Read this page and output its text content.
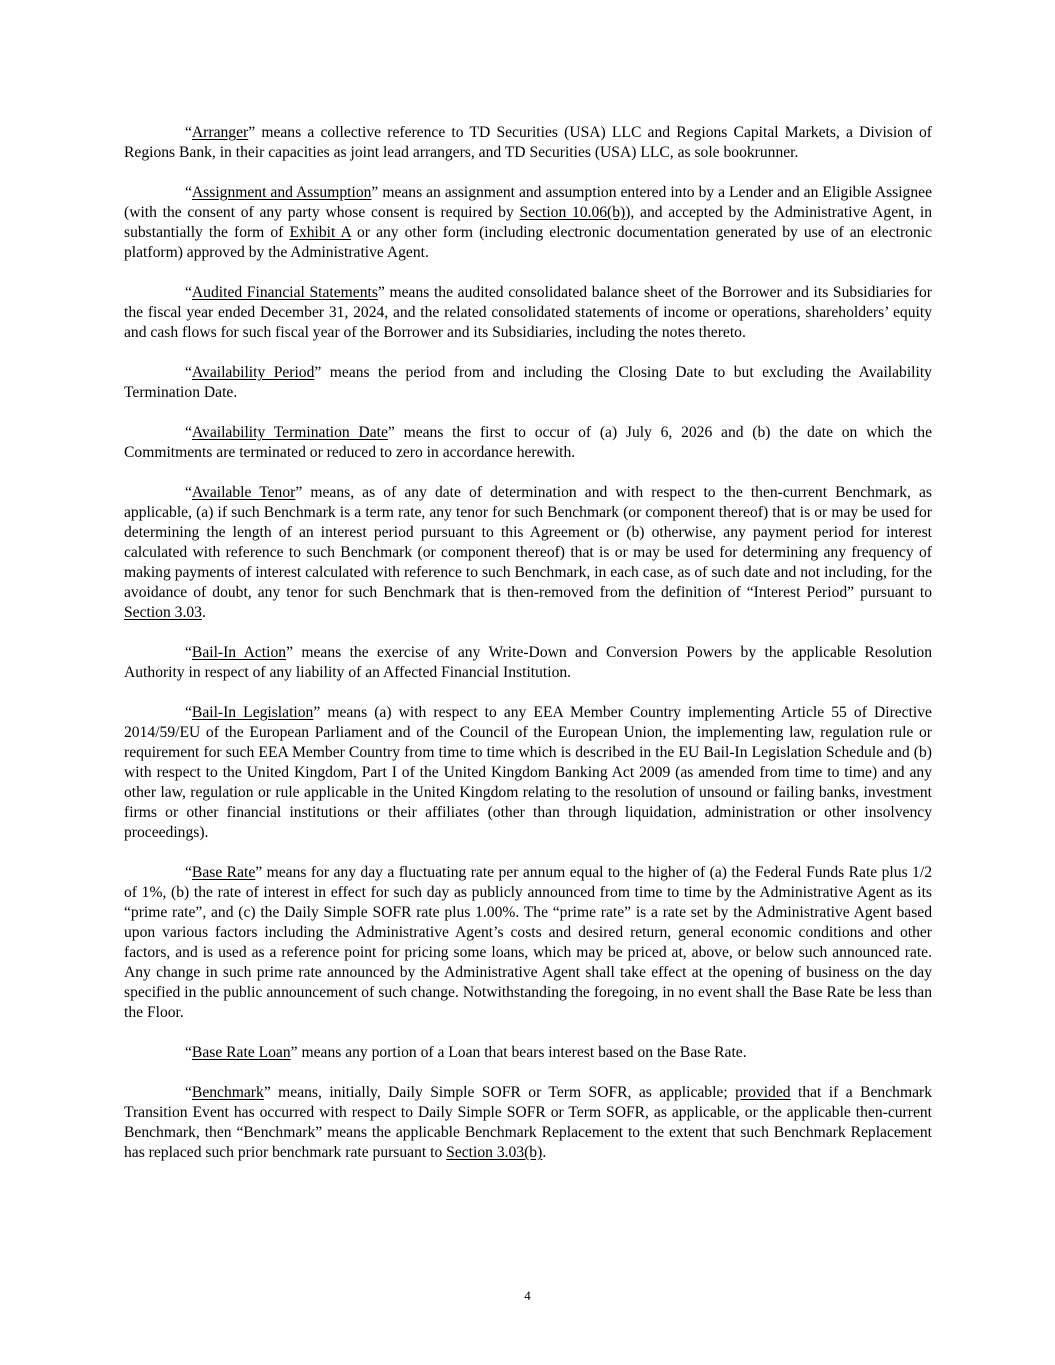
“Arranger” means a collective reference to TD Securities (USA) LLC and Regions Capital Markets, a Division of Regions Bank, in their capacities as joint lead arrangers, and TD Securities (USA) LLC, as sole bookrunner.

“Assignment and Assumption” means an assignment and assumption entered into by a Lender and an Eligible Assignee (with the consent of any party whose consent is required by Section 10.06(b)), and accepted by the Administrative Agent, in substantially the form of Exhibit A or any other form (including electronic documentation generated by use of an electronic platform) approved by the Administrative Agent.

“Audited Financial Statements” means the audited consolidated balance sheet of the Borrower and its Subsidiaries for the fiscal year ended December 31, 2024, and the related consolidated statements of income or operations, shareholders’ equity and cash flows for such fiscal year of the Borrower and its Subsidiaries, including the notes thereto.

“Availability Period” means the period from and including the Closing Date to but excluding the Availability Termination Date.

“Availability Termination Date” means the first to occur of (a) July 6, 2026 and (b) the date on which the Commitments are terminated or reduced to zero in accordance herewith.

“Available Tenor” means, as of any date of determination and with respect to the then-current Benchmark, as applicable, (a) if such Benchmark is a term rate, any tenor for such Benchmark (or component thereof) that is or may be used for determining the length of an interest period pursuant to this Agreement or (b) otherwise, any payment period for interest calculated with reference to such Benchmark (or component thereof) that is or may be used for determining any frequency of making payments of interest calculated with reference to such Benchmark, in each case, as of such date and not including, for the avoidance of doubt, any tenor for such Benchmark that is then-removed from the definition of “Interest Period” pursuant to Section 3.03.

“Bail-In Action” means the exercise of any Write-Down and Conversion Powers by the applicable Resolution Authority in respect of any liability of an Affected Financial Institution.

“Bail-In Legislation” means (a) with respect to any EEA Member Country implementing Article 55 of Directive 2014/59/EU of the European Parliament and of the Council of the European Union, the implementing law, regulation rule or requirement for such EEA Member Country from time to time which is described in the EU Bail-In Legislation Schedule and (b) with respect to the United Kingdom, Part I of the United Kingdom Banking Act 2009 (as amended from time to time) and any other law, regulation or rule applicable in the United Kingdom relating to the resolution of unsound or failing banks, investment firms or other financial institutions or their affiliates (other than through liquidation, administration or other insolvency proceedings).

“Base Rate” means for any day a fluctuating rate per annum equal to the higher of (a) the Federal Funds Rate plus 1/2 of 1%, (b) the rate of interest in effect for such day as publicly announced from time to time by the Administrative Agent as its “prime rate”, and (c) the Daily Simple SOFR rate plus 1.00%. The “prime rate” is a rate set by the Administrative Agent based upon various factors including the Administrative Agent’s costs and desired return, general economic conditions and other factors, and is used as a reference point for pricing some loans, which may be priced at, above, or below such announced rate. Any change in such prime rate announced by the Administrative Agent shall take effect at the opening of business on the day specified in the public announcement of such change. Notwithstanding the foregoing, in no event shall the Base Rate be less than the Floor.

“Base Rate Loan” means any portion of a Loan that bears interest based on the Base Rate.

“Benchmark” means, initially, Daily Simple SOFR or Term SOFR, as applicable; provided that if a Benchmark Transition Event has occurred with respect to Daily Simple SOFR or Term SOFR, as applicable, or the applicable then-current Benchmark, then “Benchmark” means the applicable Benchmark Replacement to the extent that such Benchmark Replacement has replaced such prior benchmark rate pursuant to Section 3.03(b).

4
